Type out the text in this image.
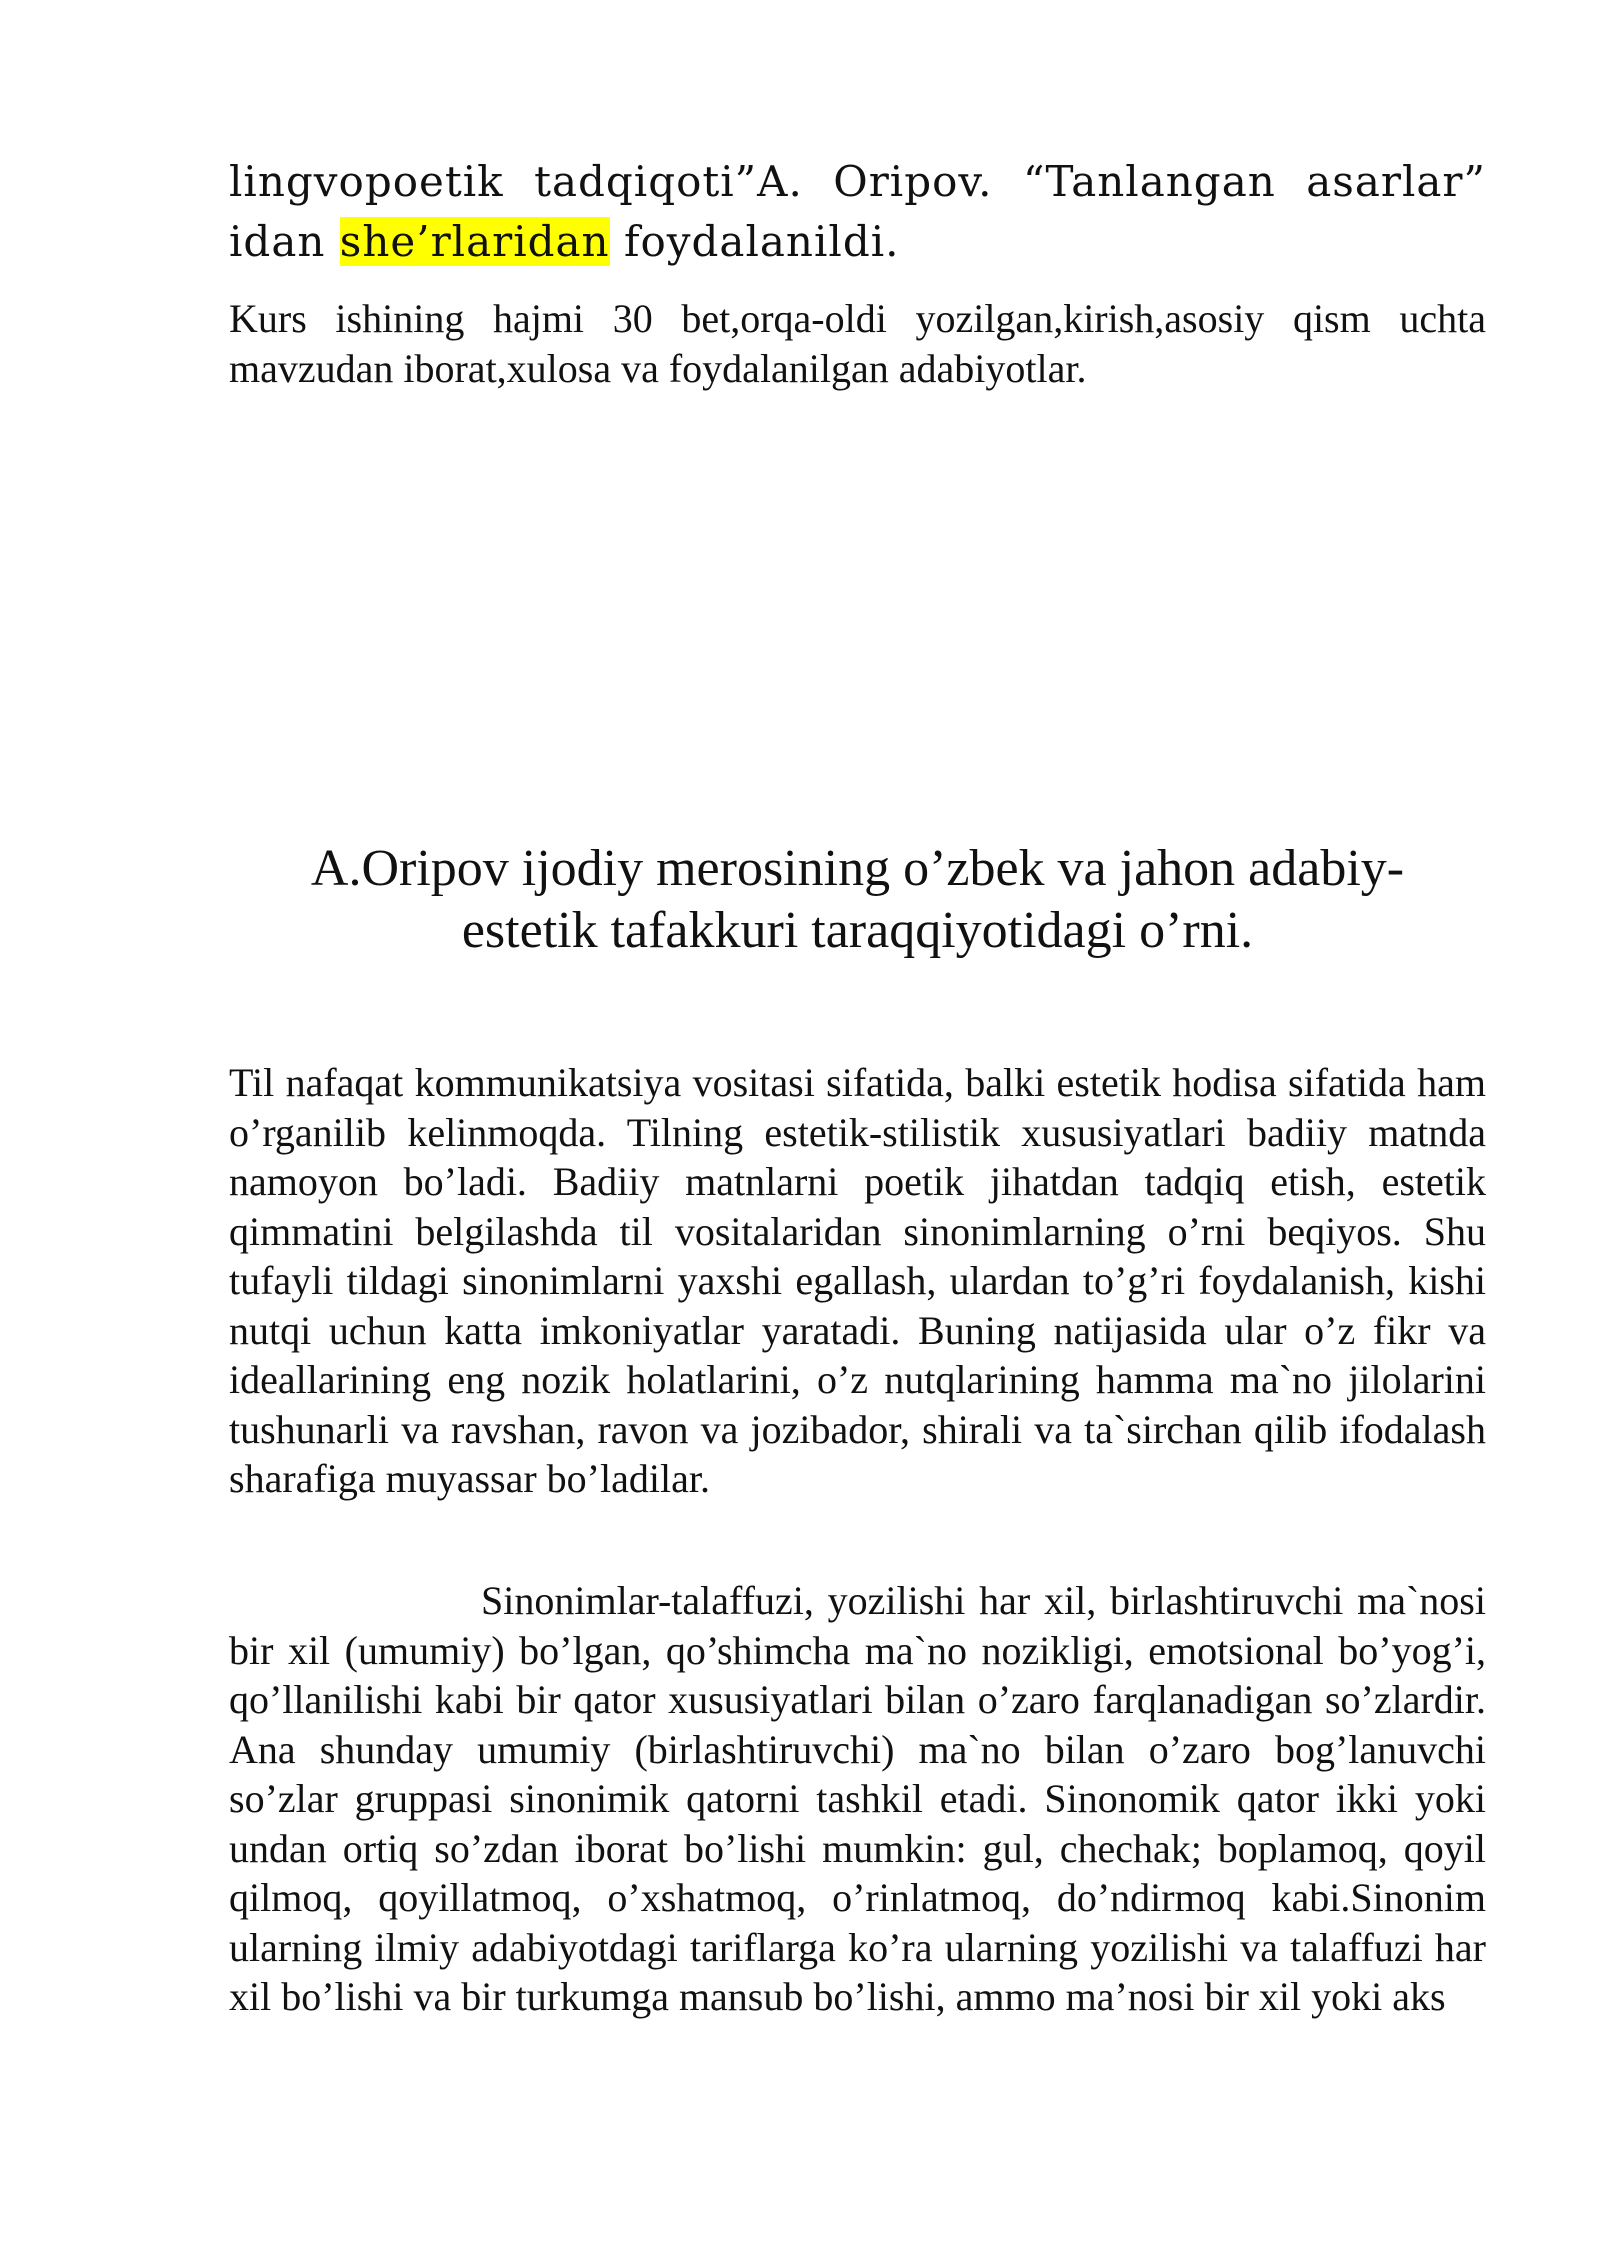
lingvopoetik tadqiqoti”A. Oripov. “Tanlangan asarlar” idan she’rlaridan foydalanildi.

Kurs ishining hajmi 30 bet,orqa-oldi yozilgan,kirish,asosiy qism uchta mavzudan iborat,xulosa va foydalanilgan adabiyotlar.

A.Oripov ijodiy merosining o’zbek va jahon adabiy-
estetik tafakkuri taraqqiyotidagi o’rni.

Til nafaqat kommunikatsiya vositasi sifatida, balki estetik hodisa sifatida ham o’rganilib kelinmoqda. Tilning estetik-stilistik xususiyatlari badiiy matnda namoyon bo’ladi. Badiiy matnlarni poetik jihatdan tadqiq etish, estetik qimmatini belgilashda til vositalaridan sinonimlarning o’rni beqiyos. Shu tufayli tildagi sinonimlarni yaxshi egallash, ulardan to’g’ri foydalanish, kishi nutqi uchun katta imkoniyatlar yaratadi. Buning natijasida ular o’z fikr va ideallarining eng nozik holatlarini, o’z nutqlarining hamma ma`no jilolarini tushunarli va ravshan, ravon va jozibador, shirali va ta`sirchan qilib ifodalash sharafiga muyassar bo’ladilar.

Sinonimlar-talaffuzi, yozilishi har xil, birlashtiruvchi ma`nosi bir xil (umumiy) bo’lgan, qo’shimcha ma`no nozikligi, emotsional bo’yog’i, qo’llanilishi kabi bir qator xususiyatlari bilan o’zaro farqlanadigan so’zlardir. Ana shunday umumiy (birlashtiruvchi) ma`no bilan o’zaro bog’lanuvchi so’zlar gruppasi sinonimik qatorni tashkil etadi. Sinonomik qator ikki yoki undan ortiq so’zdan iborat bo’lishi mumkin: gul, chechak; boplamoq, qoyil qilmoq, qoyillatmoq, o’xshatmoq, o’rinlatmoq, do’ndirmoq kabi.Sinonim ularning ilmiy adabiyotdagi tariflarga ko’ra ularning yozilishi va talaffuzi har xil bo’lishi va bir turkumga mansub bo’lishi, ammo ma’nosi bir xil yoki aks
